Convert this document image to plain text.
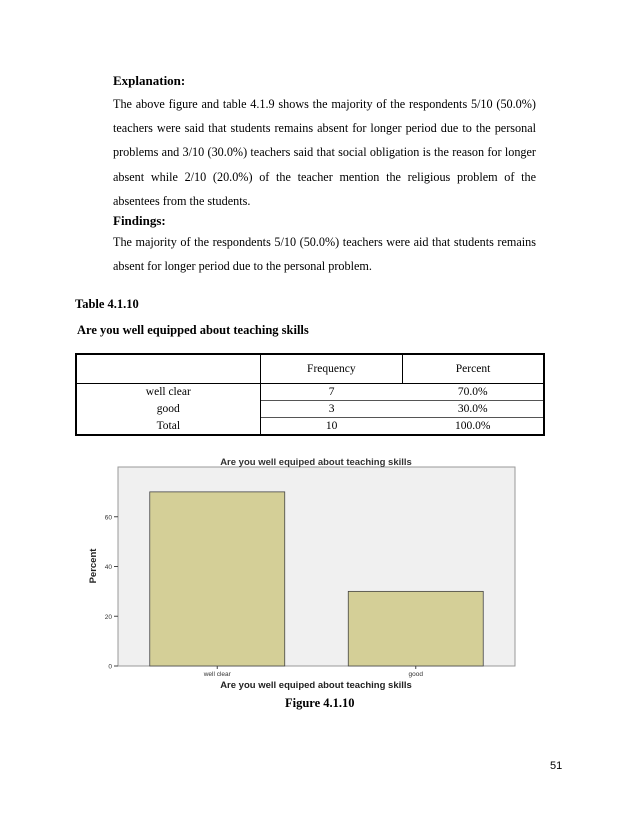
Explanation:
The above figure and table 4.1.9 shows the majority of the respondents 5/10 (50.0%) teachers were said that students remains absent for longer period due to the personal problems and 3/10 (30.0%) teachers said that social obligation is the reason for longer absent while 2/10 (20.0%) of the teacher mention the religious problem of the absentees from the students.
Findings:
The majority of the respondents 5/10 (50.0%) teachers were aid that students remains absent for longer period due to the personal problem.
Table 4.1.10
Are you well equipped about teaching skills
	Frequency	Percent
well clear	7	70.0%
good	3	30.0%
Total	10	100.0%
Are you well equiped about teaching skills
Are you well equiped about teaching skills
Percent
0
20
40
60
well clear	good
Figure 4.1.10
51
